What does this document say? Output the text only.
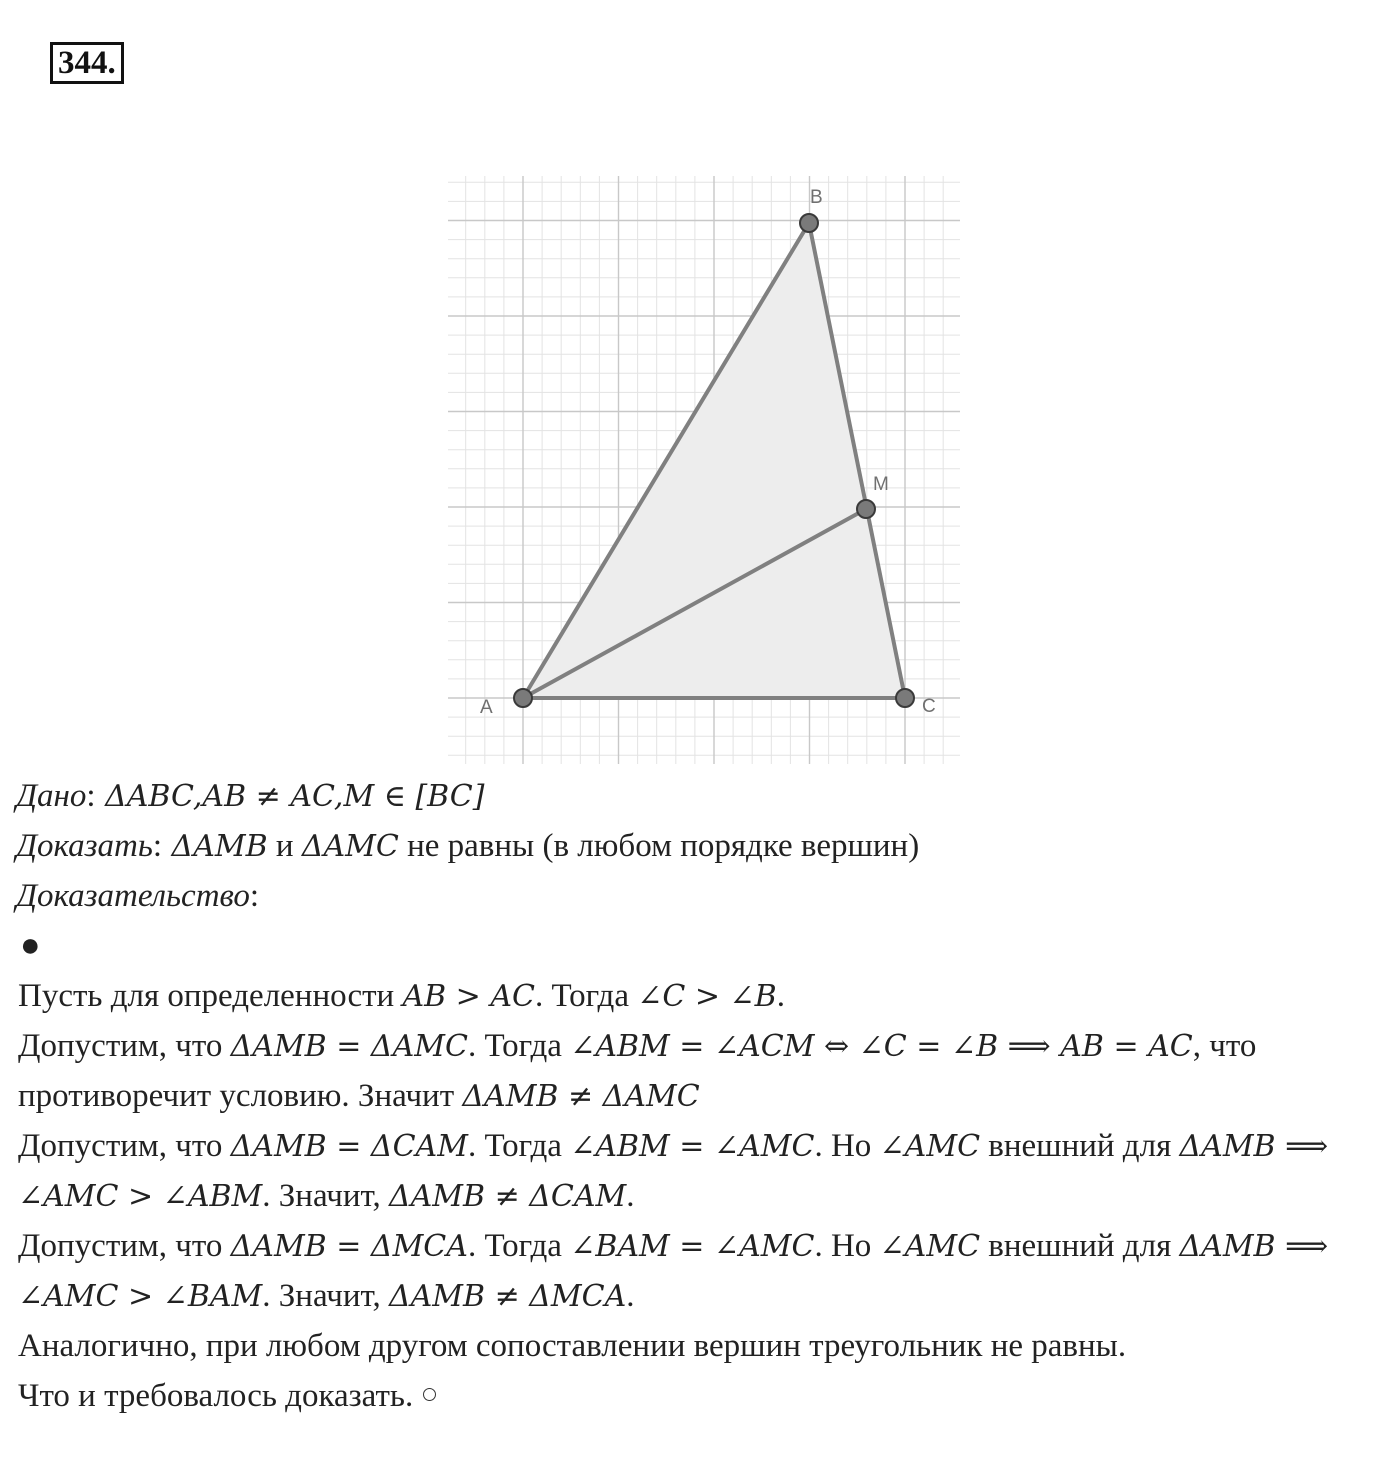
344.
A
B
C
M
Дано: ΔABC,AB ≠ AC,M ∈ [BC]
Доказать: ΔAMB и ΔAMC не равны (в любом порядке вершин)
Доказательство:
●
Пусть для определенности AB > AC. Тогда ∠C > ∠B.
Допустим, что ΔAMB = ΔAMC. Тогда ∠ABM = ∠ACM ⇔ ∠C = ∠B ⟹ AB = AC, что
противоречит условию. Значит ΔAMB ≠ ΔAMC
Допустим, что ΔAMB = ΔCAM. Тогда ∠ABM = ∠AMC. Но ∠AMC внешний для ΔAMB ⟹
∠AMC > ∠ABM. Значит, ΔAMB ≠ ΔCAM.
Допустим, что ΔAMB = ΔMCA. Тогда ∠BAM = ∠AMC. Но ∠AMC внешний для ΔAMB ⟹
∠AMC > ∠BAM. Значит, ΔAMB ≠ ΔMCA.
Аналогично, при любом другом сопоставлении вершин треугольник не равны.
Что и требовалось доказать.
